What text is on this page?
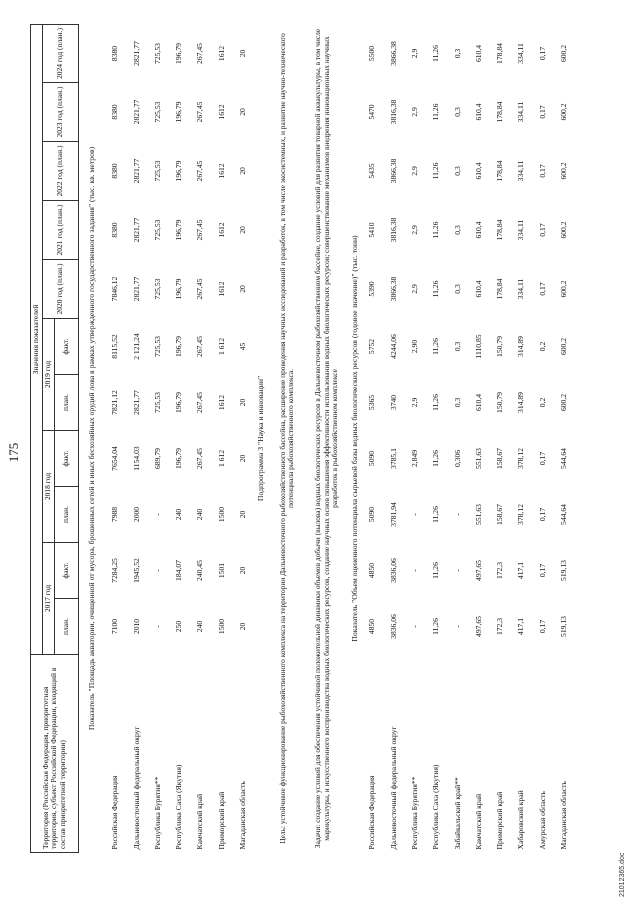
175
Территория (Российская Федерация, приоритетная территория, субъект Российской Федерации, входящий в состав приоритетной территории)	Значения показателей										
	2017 год		2018 год		2019 год		2020 год (план.)	2021 год (план.)	2022 год (план.)	2023 год (план.)	2024 год (план.)
	план.	факт.	план.	факт.	план.	факт.					
Показатель "Площадь акватории, очищенной от мусора, брошенных сетей и иных бесхозяйных орудий лова в рамках утвержденного государственного задания" (тыс. кв. метров)											
Российская Федерация	7100	7284,25	7988	7654,04	7821,12	8115,52	7846,12	8380	8380	8380	8380
Дальневосточный федеральный округ	2010	1945,52	2000	1154,03	2821,77	2 121,24	2821,77	2821,77	2821,77	2821,77	2821,77
Республика Бурятия**	-	-	-	689,79	725,53	725,53	725,53	725,53	725,53	725,53	725,53
Республика Саха (Якутия)	250	184,07	240	196,79	196,79	196,79	196,79	196,79	196,79	196,79	196,79
Камчатский край	240	240,45	240	267,45	267,45	267,45	267,45	267,45	267,45	267,45	267,45
Приморский край	1500	1501	1500	1 612	1612	1 612	1612	1612	1612	1612	1612
Магаданская область	20	20	20	20	20	45	20	20	20	20	20
Подпрограмма 3 "Наука и инновации"											
Цель: устойчивое функционирование рыбохозяйственного комплекса на территории Дальневосточного рыбохозяйственного бассейна, расширение проведения научных исследований и разработок, в том числе экосистемных, и развитие научно-технического потенциала рыбохозяйственного комплекса.											
Задачи: создание условий для обеспечения устойчивой положительной динамики объемов добычи (вылова) водных биологических ресурсов в Дальневосточном рыбохозяйственном бассейне, создание условий для развития товарной аквакультуры, в том числе марикультуры, и искусственного воспроизводства водных биологических ресурсов, создание научных основ повышения эффективности использования водных биологических ресурсов; совершенствование механизмов внедрения инновационных научных разработок в рыбохозяйственном комплексе											
Показатель "Объем оцененного потенциала сырьевой базы водных биологических ресурсов (годовое значение)" (тыс. тонн)											
Российская Федерация	4850	4850	5090	5090	5365	5752	5390	5410	5435	5470	5500
Дальневосточный федеральный округ	3836,06	3836,06	3781,94	3785,1	3740	4244,06	3866,38	3816,38	3866,38	3816,38	3866,38
Республика Бурятия**	-	-	-	2,849	2,9	2,90	2,9	2,9	2,9	2,9	2,9
Республика Саха (Якутия)	11,26	11,26	11,26	11,26	11,26	11,26	11,26	11,26	11,26	11,26	11,26
Забайкальский край**	-	-	-	0,306	0,3	0,3	0,3	0,3	0,3	0,3	0,3
Камчатский край	497,65	497,65	551,63	551,63	610,4	1110,85	610,4	610,4	610,4	610,4	610,4
Приморский край	172,3	172,3	158,67	158,67	150,79	150,79	178,84	178,84	178,84	178,84	178,84
Хабаровский край	417,1	417,1	378,12	378,12	314,89	314,89	334,11	334,11	334,11	334,11	334,11
Амурская область	0,17	0,17	0,17	0,17	0,2	0,2	0,17	0,17	0,17	0,17	0,17
Магаданская область	519,13	519,13	544,64	544,64	600,2	600,2	600,2	600,2	600,2	600,2	600,2
21012365.doc
